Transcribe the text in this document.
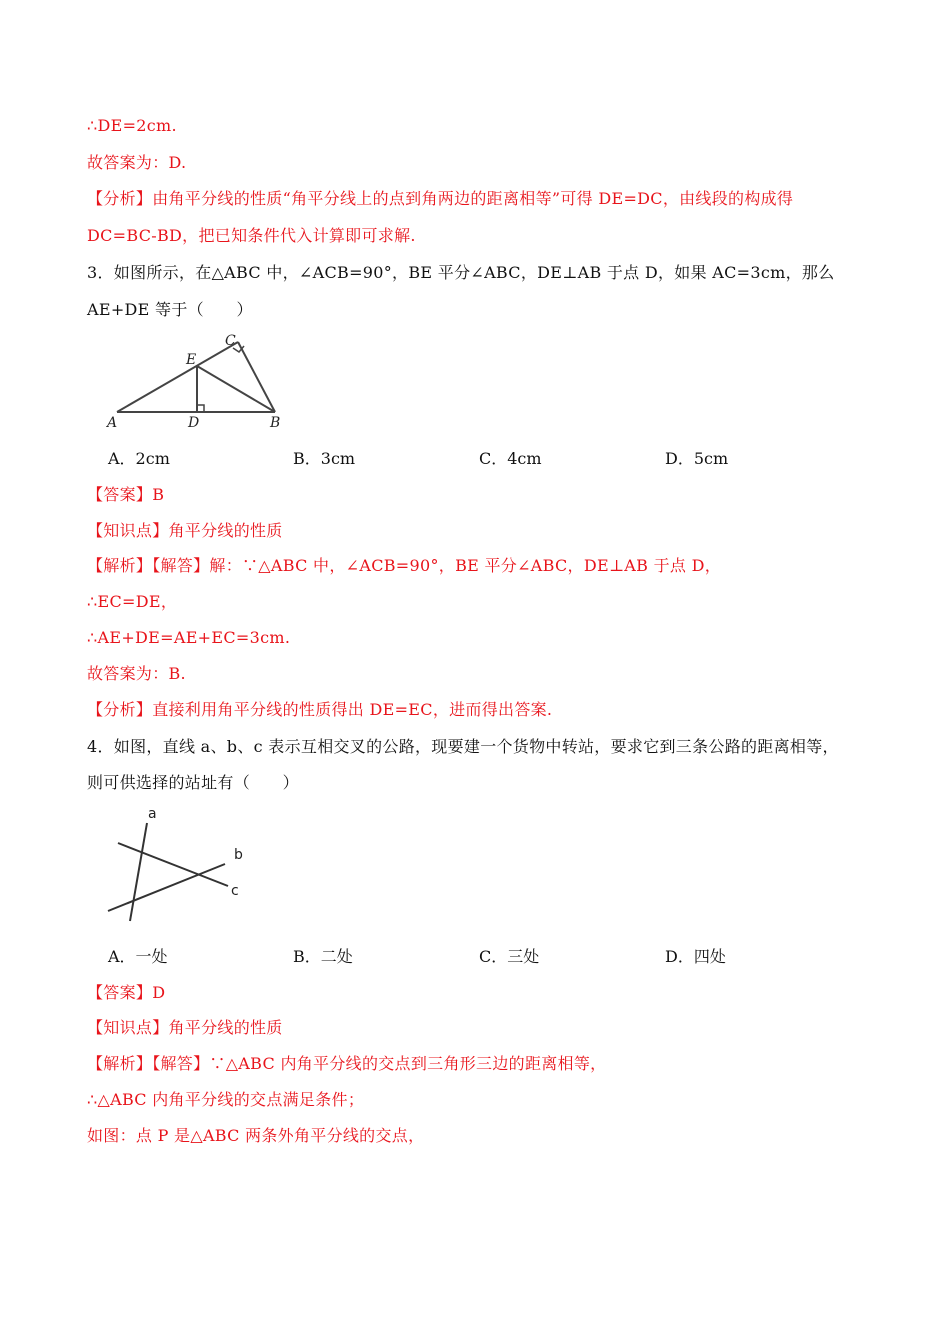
∴DE=2cm.
故答案为：D.
【分析】由角平分线的性质“角平分线上的点到角两边的距离相等”可得 DE=DC，由线段的构成得
DC=BC-BD，把已知条件代入计算即可求解.
3．如图所示，在△ABC 中，∠ACB=90°，BE 平分∠ABC，DE⊥AB 于点 D，如果 AC=3cm，那么
AE+DE 等于（　　）
A	D	B
E
C
A．2cm	B．3cm	C．4cm	D．5cm
【答案】B
【知识点】角平分线的性质
【解析】【解答】解：∵△ABC 中，∠ACB=90°，BE 平分∠ABC，DE⊥AB 于点 D，
∴EC=DE，
∴AE+DE=AE+EC=3cm.
故答案为：B.
【分析】直接利用角平分线的性质得出 DE=EC，进而得出答案.
4．如图，直线 a、b、c 表示互相交叉的公路，现要建一个货物中转站，要求它到三条公路的距离相等，
则可供选择的站址有（　　）
a
b
c
A．一处	B．二处	C．三处	D．四处
【答案】D
【知识点】角平分线的性质
【解析】【解答】∵△ABC 内角平分线的交点到三角形三边的距离相等，
∴△ABC 内角平分线的交点满足条件；
如图：点 P 是△ABC 两条外角平分线的交点，
